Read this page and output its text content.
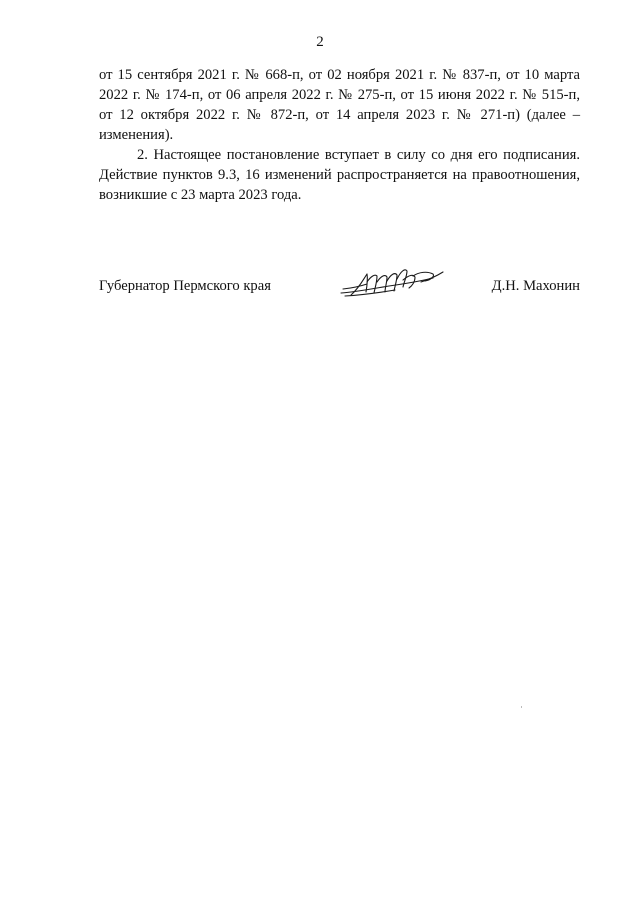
2

от 15 сентября 2021 г. № 668-п, от 02 ноября 2021 г. № 837-п, от 10 марта
2022 г. № 174-п, от 06 апреля 2022 г. № 275-п, от 15 июня 2022 г. № 515-п,
от 12 октября 2022 г. № 872-п, от 14 апреля 2023 г. № 271-п) (далее –
изменения).

2. Настоящее постановление вступает в силу со дня его подписания.
Действие пунктов 9.3, 16 изменений распространяется на правоотношения,
возникшие с 23 марта 2023 года.

Губернатор Пермского края	Д.Н. Махонин
